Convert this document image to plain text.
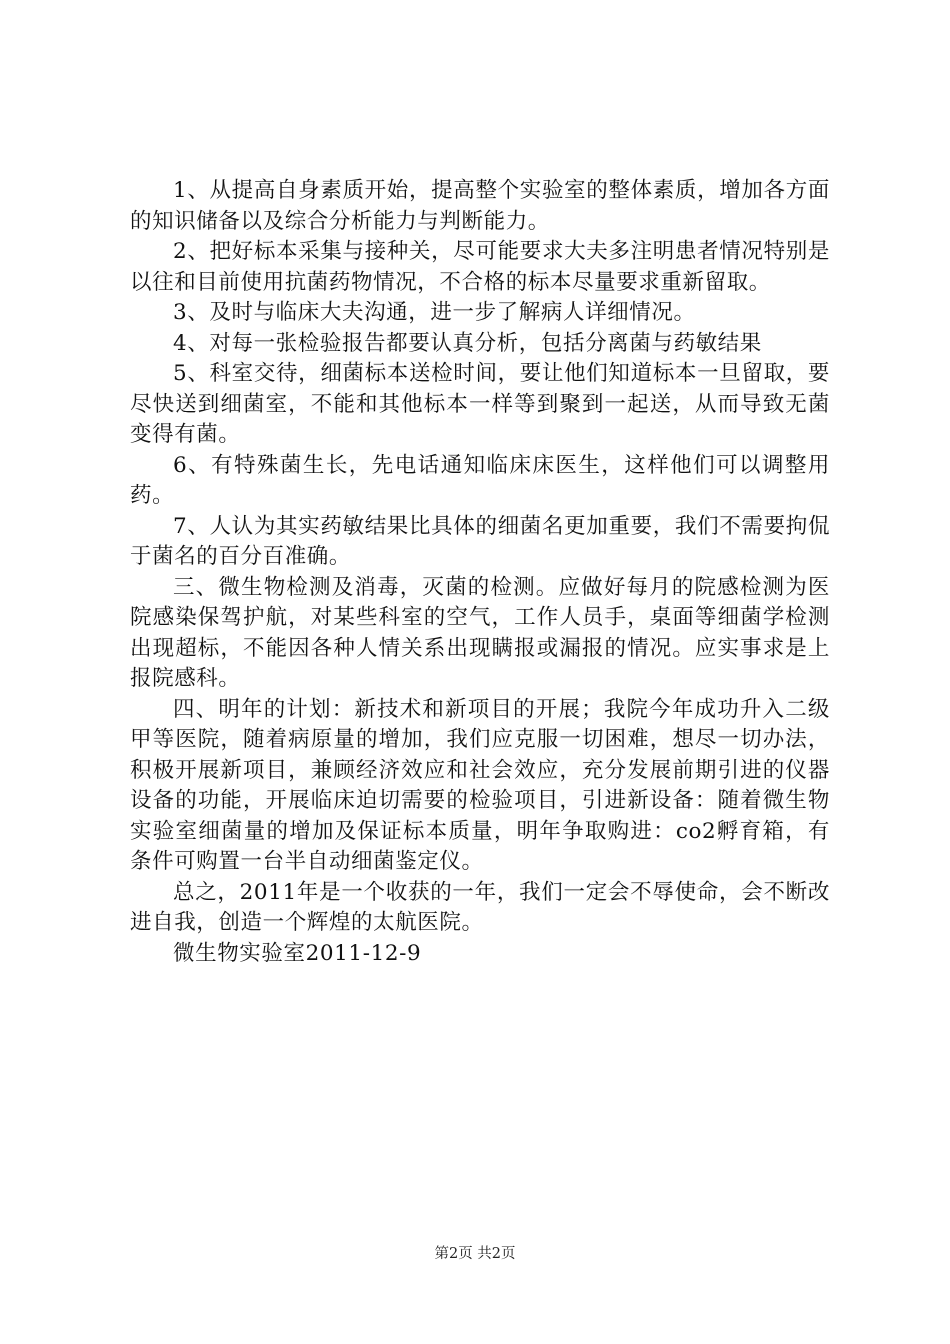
1、从提高自身素质开始，提高整个实验室的整体素质，增加各方面的知识储备以及综合分析能力与判断能力。

2、把好标本采集与接种关，尽可能要求大夫多注明患者情况特别是以往和目前使用抗菌药物情况，不合格的标本尽量要求重新留取。

3、及时与临床大夫沟通，进一步了解病人详细情况。

4、对每一张检验报告都要认真分析，包括分离菌与药敏结果

5、科室交待，细菌标本送检时间，要让他们知道标本一旦留取，要尽快送到细菌室，不能和其他标本一样等到聚到一起送，从而导致无菌变得有菌。

6、有特殊菌生长，先电话通知临床床医生，这样他们可以调整用药。

7、人认为其实药敏结果比具体的细菌名更加重要，我们不需要拘侃于菌名的百分百准确。

三、微生物检测及消毒，灭菌的检测。应做好每月的院感检测为医院感染保驾护航，对某些科室的空气，工作人员手，桌面等细菌学检测出现超标，不能因各种人情关系出现瞒报或漏报的情况。应实事求是上报院感科。

四、明年的计划：新技术和新项目的开展；我院今年成功升入二级甲等医院，随着病原量的增加，我们应克服一切困难，想尽一切办法，积极开展新项目，兼顾经济效应和社会效应，充分发展前期引进的仪器设备的功能，开展临床迫切需要的检验项目，引进新设备：随着微生物实验室细菌量的增加及保证标本质量，明年争取购进：co2孵育箱，有条件可购置一台半自动细菌鉴定仪。

总之，2011年是一个收获的一年，我们一定会不辱使命，会不断改进自我，创造一个辉煌的太航医院。

微生物实验室2011-12-9

第2页 共2页
